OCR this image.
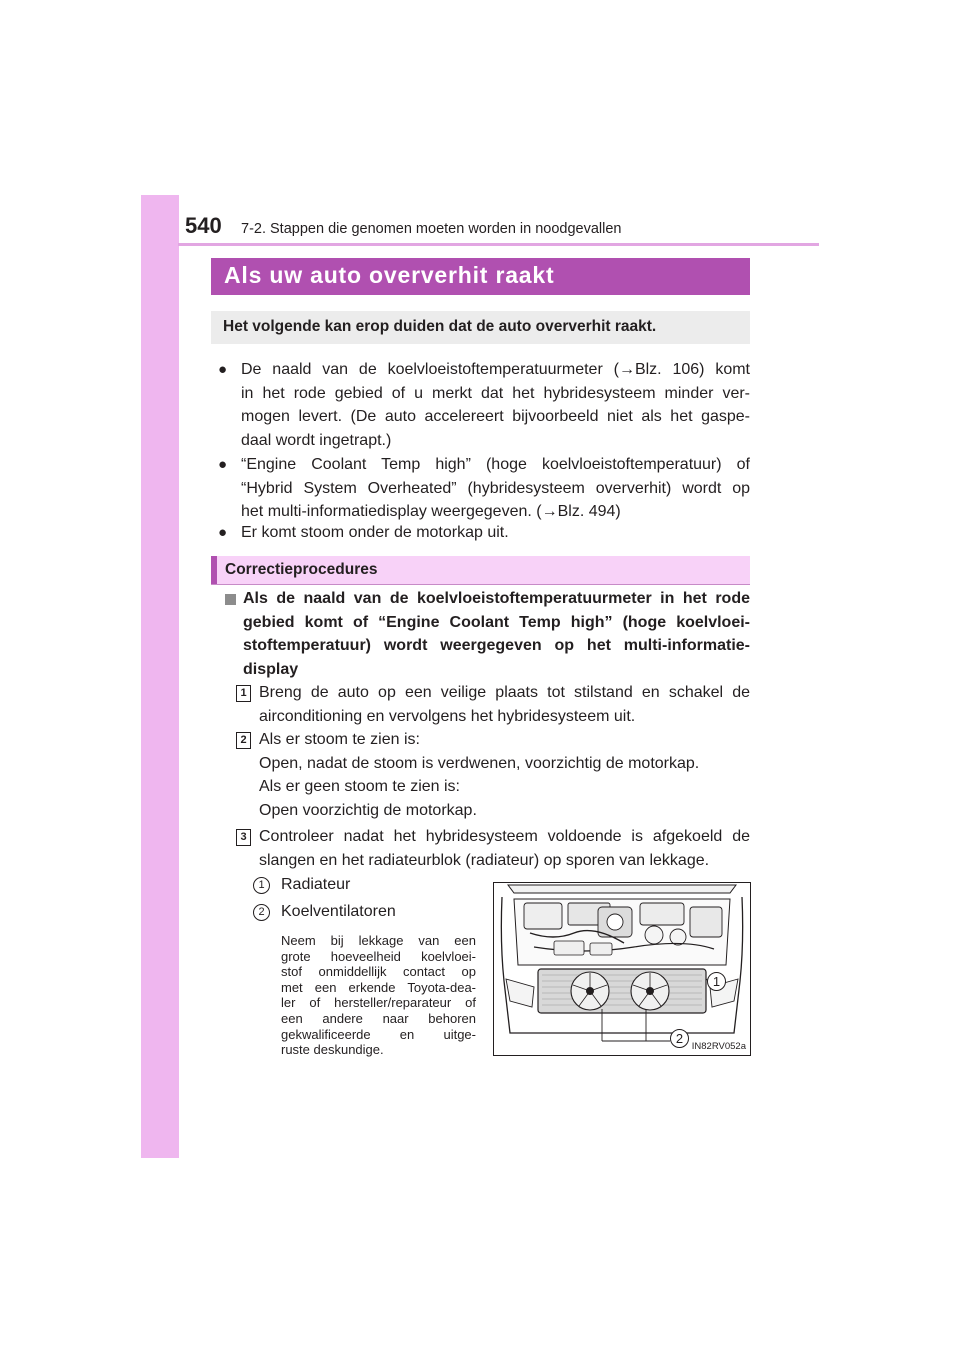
540 7-2. Stappen die genomen moeten worden in noodgevallen
Als uw auto oververhit raakt
Het volgende kan erop duiden dat de auto oververhit raakt.
● De naald van de koelvloeistoftemperatuurmeter (→Blz. 106) komt
in het rode gebied of u merkt dat het hybridesysteem minder ver-
mogen levert. (De auto accelereert bijvoorbeeld niet als het gaspe-
daal wordt ingetrapt.)
● “Engine Coolant Temp high” (hoge koelvloeistoftemperatuur) of
“Hybrid System Overheated” (hybridesysteem oververhit) wordt op
het multi-informatiedisplay weergegeven. (→Blz. 494)
● Er komt stoom onder de motorkap uit.
Correctieprocedures
Als de naald van de koelvloeistoftemperatuurmeter in het rode
gebied komt of “Engine Coolant Temp high” (hoge koelvloei-
stoftemperatuur) wordt weergegeven op het multi-informatie-
display
1 Breng de auto op een veilige plaats tot stilstand en schakel de
airconditioning en vervolgens het hybridesysteem uit.
2 Als er stoom te zien is:
Open, nadat de stoom is verdwenen, voorzichtig de motorkap.
Als er geen stoom te zien is:
Open voorzichtig de motorkap.
3 Controleer nadat het hybridesysteem voldoende is afgekoeld de
slangen en het radiateurblok (radiateur) op sporen van lekkage.
1	Radiateur
2	Koelventilatoren
Neem bij lekkage van een
grote hoeveelheid koelvloei-
stof onmiddellijk contact op
met een erkende Toyota-dea-
ler of hersteller/reparateur of
een andere naar behoren
gekwalificeerde en uitge-
ruste deskundige.
1
2
IN82RV052a
